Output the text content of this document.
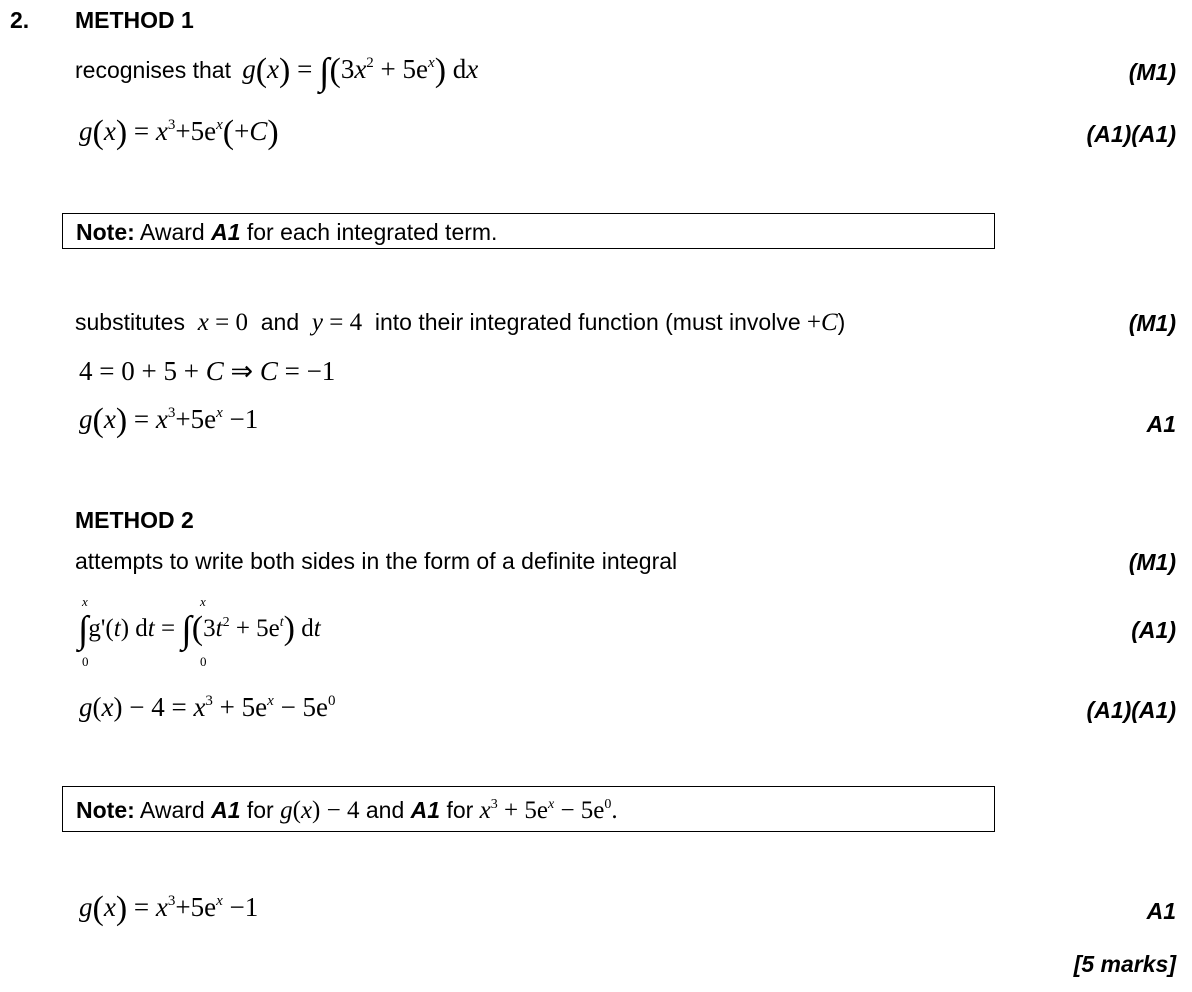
2. METHOD 1
recognises that $g(x) = \int(3x^2 + 5e^x)$ dx	(M1)
$g(x) = x^3+5e^x(+C)$	(A1)(A1)
Note: Award A1 for each integrated term.
substitutes x = 0 and y = 4 into their integrated function (must involve +C)	(M1)
4 = 0 + 5 + C ⇒ C = −1
$g(x) = x^3+5e^x -1$	A1
METHOD 2
attempts to write both sides in the form of a definite integral	(M1)
x
0
x
0
∫g'(t) dt = $\int(3t^2 + 5e^t)$ dt	(A1)
$g(x) - 4 = x^3 + 5e^x - 5e^0$	(A1)(A1)
Note: Award A1 for g(x) − 4 and A1 for $x^3 + 5e^x - 5e^0$.
$g(x) = x^3+5e^x -1$	A1
[5 marks]
